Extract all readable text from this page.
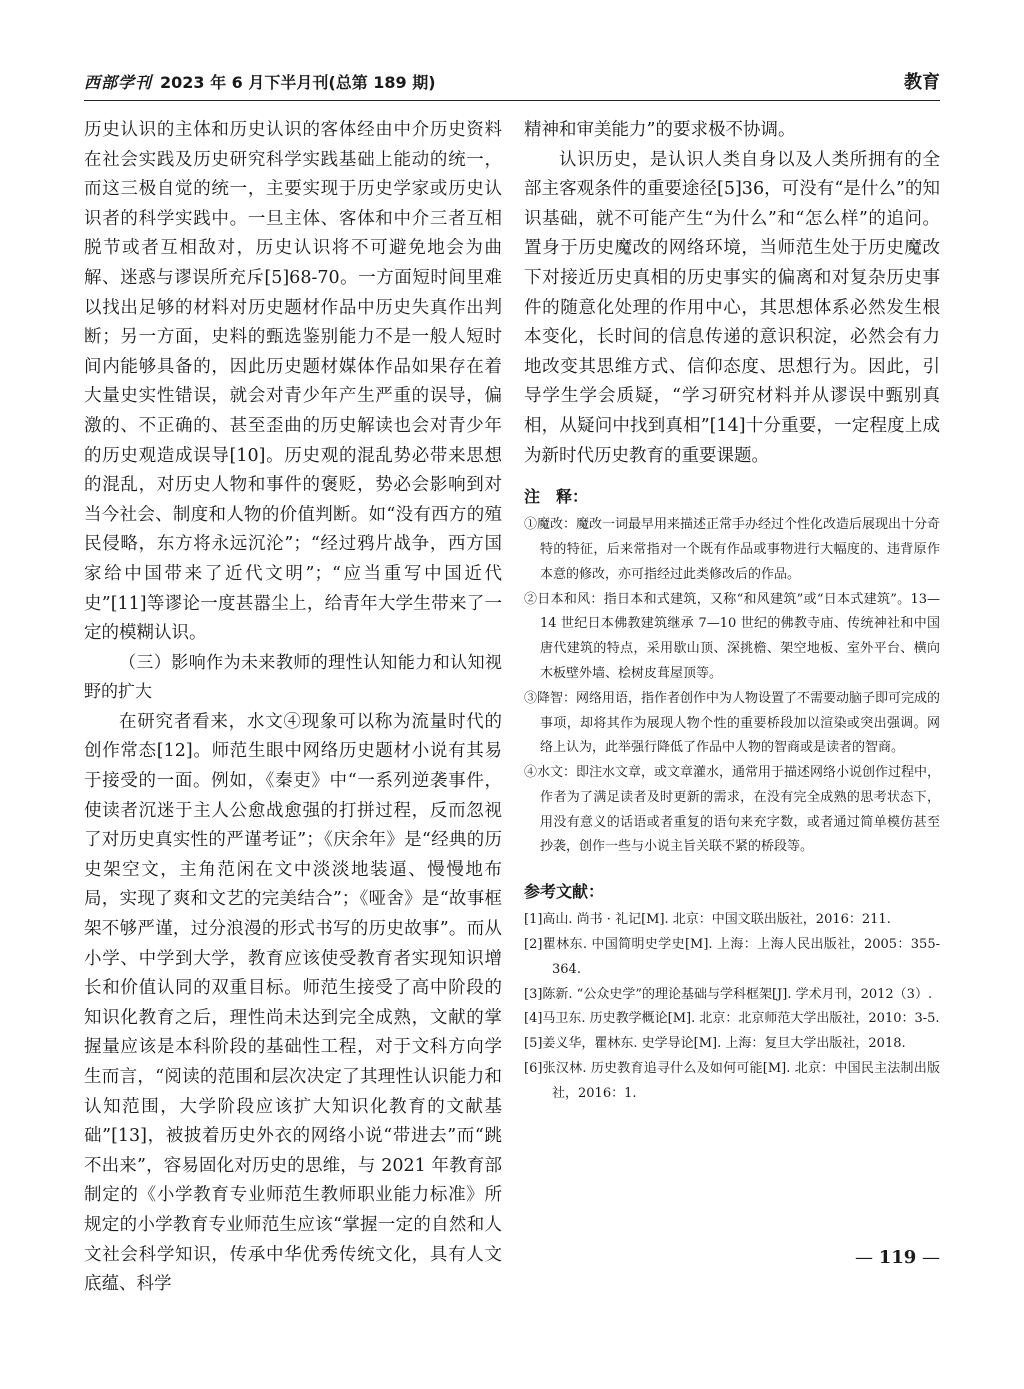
西部学刊 2023 年 6 月下半月刊(总第 189 期)	教育

历史认识的主体和历史认识的客体经由中介历史资料在社会实践及历史研究科学实践基础上能动的统一，而这三极自觉的统一，主要实现于历史学家或历史认识者的科学实践中。一旦主体、客体和中介三者互相脱节或者互相敌对，历史认识将不可避免地会为曲解、迷惑与谬误所充斥[5]68-70。一方面短时间里难以找出足够的材料对历史题材作品中历史失真作出判断；另一方面，史料的甄选鉴别能力不是一般人短时间内能够具备的，因此历史题材媒体作品如果存在着大量史实性错误，就会对青少年产生严重的误导，偏激的、不正确的、甚至歪曲的历史解读也会对青少年的历史观造成误导[10]。历史观的混乱势必带来思想的混乱，对历史人物和事件的褒贬，势必会影响到对当今社会、制度和人物的价值判断。如“没有西方的殖民侵略，东方将永远沉沦”；“经过鸦片战争，西方国家给中国带来了近代文明”；“应当重写中国近代史”[11]等谬论一度甚嚣尘上，给青年大学生带来了一定的模糊认识。

（三）影响作为未来教师的理性认知能力和认知视野的扩大

在研究者看来，水文④现象可以称为流量时代的创作常态[12]。师范生眼中网络历史题材小说有其易于接受的一面。例如，《秦吏》中“一系列逆袭事件，使读者沉迷于主人公愈战愈强的打拼过程，反而忽视了对历史真实性的严谨考证”；《庆余年》是“经典的历史架空文，主角范闲在文中淡淡地装逼、慢慢地布局，实现了爽和文艺的完美结合”；《哑舍》是“故事框架不够严谨，过分浪漫的形式书写的历史故事”。而从小学、中学到大学，教育应该使受教育者实现知识增长和价值认同的双重目标。师范生接受了高中阶段的知识化教育之后，理性尚未达到完全成熟，文献的掌握量应该是本科阶段的基础性工程，对于文科方向学生而言，“阅读的范围和层次决定了其理性认识能力和认知范围，大学阶段应该扩大知识化教育的文献基础”[13]，被披着历史外衣的网络小说“带进去”而“跳不出来”，容易固化对历史的思维，与 2021 年教育部制定的《小学教育专业师范生教师职业能力标准》所规定的小学教育专业师范生应该“掌握一定的自然和人文社会科学知识，传承中华优秀传统文化，具有人文底蕴、科学

精神和审美能力”的要求极不协调。

认识历史，是认识人类自身以及人类所拥有的全部主客观条件的重要途径[5]36，可没有“是什么”的知识基础，就不可能产生“为什么”和“怎么样”的追问。置身于历史魔改的网络环境，当师范生处于历史魔改下对接近历史真相的历史事实的偏离和对复杂历史事件的随意化处理的作用中心，其思想体系必然发生根本变化，长时间的信息传递的意识积淀，必然会有力地改变其思维方式、信仰态度、思想行为。因此，引导学生学会质疑，“学习研究材料并从谬误中甄别真相，从疑问中找到真相”[14]十分重要，一定程度上成为新时代历史教育的重要课题。

注　释：

①魔改：魔改一词最早用来描述正常手办经过个性化改造后展现出十分奇特的特征，后来常指对一个既有作品或事物进行大幅度的、违背原作本意的修改，亦可指经过此类修改后的作品。

②日本和风：指日本和式建筑，又称“和风建筑”或“日本式建筑”。13—14 世纪日本佛教建筑继承 7—10 世纪的佛教寺庙、传统神社和中国唐代建筑的特点，采用歇山顶、深挑檐、架空地板、室外平台、横向木板壁外墙、桧树皮葺屋顶等。

③降智：网络用语，指作者创作中为人物设置了不需要动脑子即可完成的事项，却将其作为展现人物个性的重要桥段加以渲染或突出强调。网络上认为，此举强行降低了作品中人物的智商或是读者的智商。

④水文：即注水文章，或文章灌水，通常用于描述网络小说创作过程中，作者为了满足读者及时更新的需求，在没有完全成熟的思考状态下，用没有意义的话语或者重复的语句来充字数，或者通过简单模仿甚至抄袭，创作一些与小说主旨关联不紧的桥段等。

参考文献：

[1]高山. 尚书 · 礼记[M]. 北京：中国文联出版社，2016：211.

[2]瞿林东. 中国简明史学史[M]. 上海：上海人民出版社，2005：355-364.

[3]陈新. “公众史学”的理论基础与学科框架[J]. 学术月刊，2012（3）.

[4]马卫东. 历史教学概论[M]. 北京：北京师范大学出版社，2010：3-5.

[5]姜义华，瞿林东. 史学导论[M]. 上海：复旦大学出版社，2018.

[6]张汉林. 历史教育追寻什么及如何可能[M]. 北京：中国民主法制出版社，2016：1.

— 119 —
